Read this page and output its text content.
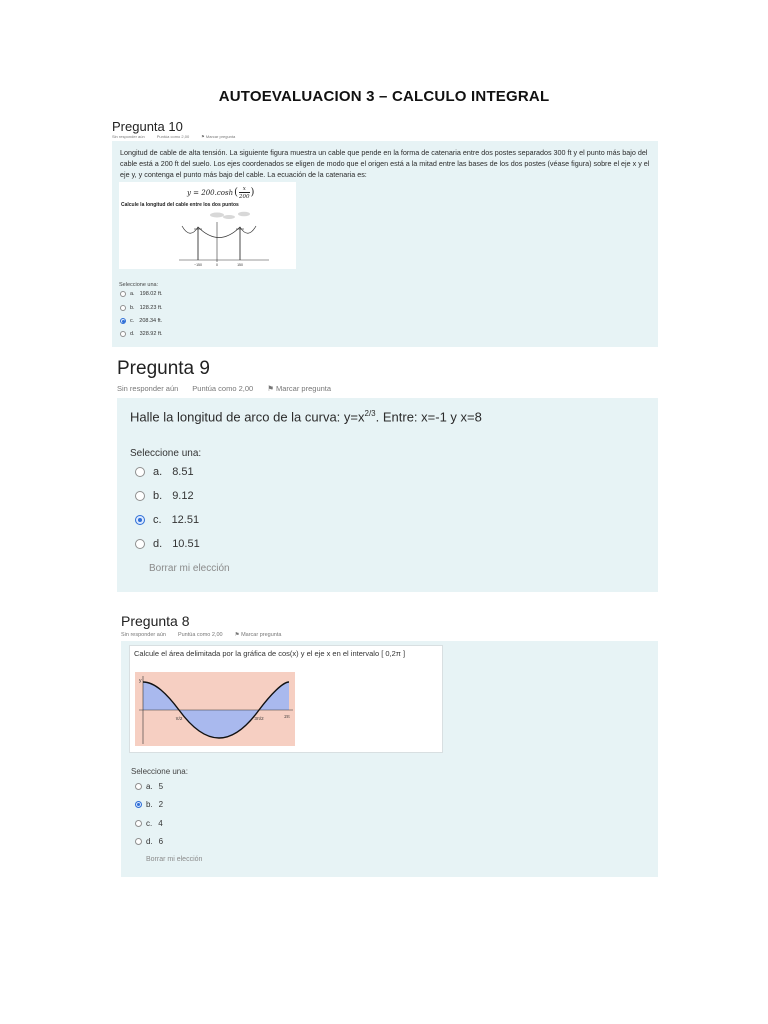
AUTOEVALUACION 3 – CALCULO INTEGRAL
Pregunta 10
Sin responder aún	Puntúa como 2,00	⚑ Marcar pregunta
Longitud de cable de alta tensión. La siguiente figura muestra un cable que pende en la forma de catenaria entre dos postes separados 300 ft y el punto más bajo del cable está a 200 ft del suelo. Los ejes coordenados se eligen de modo que el origen está a la mitad entre las bases de los dos postes (véase figura) sobre el eje x y el eje y, y contenga el punto más bajo del cable. La ecuación de la catenaria es:
y = 200.cosh ( x
200 )
Calcule la longitud del cable entre los dos puntos
−150	0	150
Seleccione una:
a. 198.02 ft.
b. 128.23 ft.
c. 208.34 ft.
d. 328.92 ft.
Pregunta 9
Sin responder aún Puntúa como 2,00 ⚑ Marcar pregunta
Halle la longitud de arco de la curva: $y=x^{2/3}$. Entre: x=-1 y x=8
Seleccione una:
a. 8.51
b. 9.12
c. 12.51
d. 10.51
Borrar mi elección
Pregunta 8
Sin responder aún Puntúa como 2,00 ⚑ Marcar pregunta
Calcule el área delimitada por la gráfica de cos(x) y el eje x en el intervalo [ 0,2π ]
y
π/2	3π/2	2π
Seleccione una:
a. 5
b. 2
c. 4
d. 6
Borrar mi elección
